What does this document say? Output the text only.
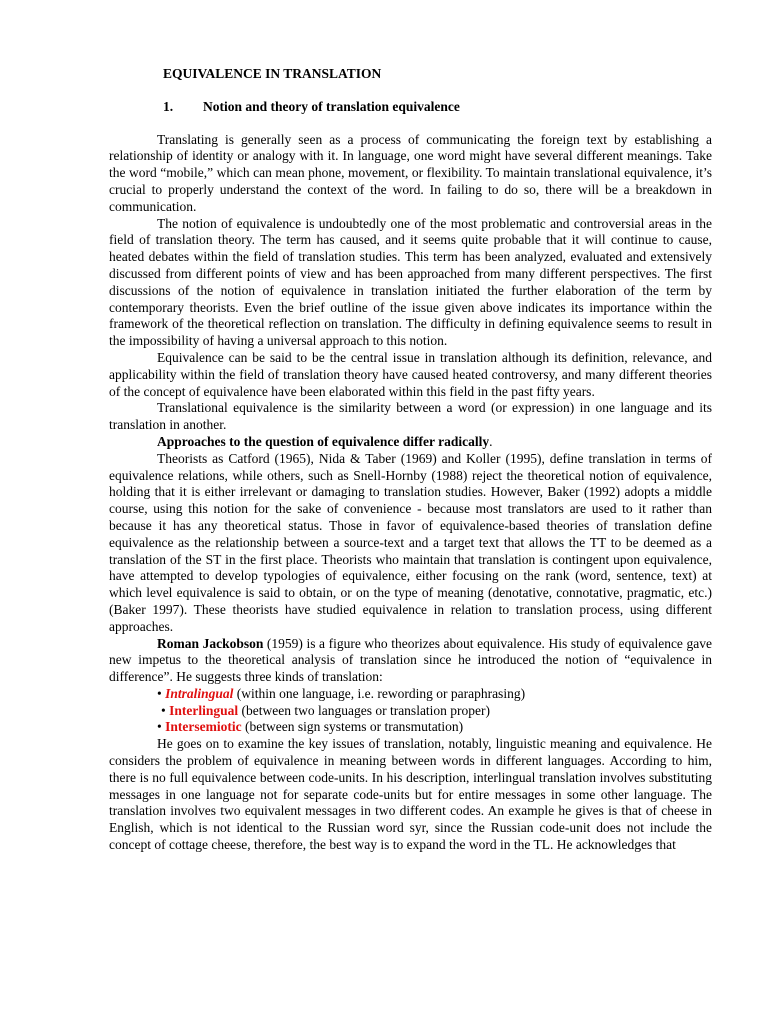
EQUIVALENCE IN TRANSLATION
1. Notion and theory of translation equivalence

Translating is generally seen as a process of communicating the foreign text by establishing a relationship of identity or analogy with it. In language, one word might have several different meanings. Take the word “mobile,” which can mean phone, movement, or flexibility. To maintain translational equivalence, it’s crucial to properly understand the context of the word. In failing to do so, there will be a breakdown in communication.

The notion of equivalence is undoubtedly one of the most problematic and controversial areas in the field of translation theory. The term has caused, and it seems quite probable that it will continue to cause, heated debates within the field of translation studies. This term has been analyzed, evaluated and extensively discussed from different points of view and has been approached from many different perspectives. The first discussions of the notion of equivalence in translation initiated the further elaboration of the term by contemporary theorists. Even the brief outline of the issue given above indicates its importance within the framework of the theoretical reflection on translation. The difficulty in defining equivalence seems to result in the impossibility of having a universal approach to this notion.

Equivalence can be said to be the central issue in translation although its definition, relevance, and applicability within the field of translation theory have caused heated controversy, and many different theories of the concept of equivalence have been elaborated within this field in the past fifty years.

Translational equivalence is the similarity between a word (or expression) in one language and its translation in another.

Approaches to the question of equivalence differ radically.

Theorists as Catford (1965), Nida & Taber (1969) and Koller (1995), define translation in terms of equivalence relations, while others, such as Snell-Hornby (1988) reject the theoretical notion of equivalence, holding that it is either irrelevant or damaging to translation studies. However, Baker (1992) adopts a middle course, using this notion for the sake of convenience - because most translators are used to it rather than because it has any theoretical status. Those in favor of equivalence-based theories of translation define equivalence as the relationship between a source-text and a target text that allows the TT to be deemed as a translation of the ST in the first place. Theorists who maintain that translation is contingent upon equivalence, have attempted to develop typologies of equivalence, either focusing on the rank (word, sentence, text) at which level equivalence is said to obtain, or on the type of meaning (denotative, connotative, pragmatic, etc.) (Baker 1997). These theorists have studied equivalence in relation to translation process, using different approaches.

Roman Jackobson (1959) is a figure who theorizes about equivalence. His study of equivalence gave new impetus to the theoretical analysis of translation since he introduced the notion of “equivalence in difference”. He suggests three kinds of translation:

• Intralingual (within one language, i.e. rewording or paraphrasing)

• Interlingual (between two languages or translation proper)

• Intersemiotic (between sign systems or transmutation)

He goes on to examine the key issues of translation, notably, linguistic meaning and equivalence. He considers the problem of equivalence in meaning between words in different languages. According to him, there is no full equivalence between code-units. In his description, interlingual translation involves substituting messages in one language not for separate code-units but for entire messages in some other language. The translation involves two equivalent messages in two different codes. An example he gives is that of cheese in English, which is not identical to the Russian word syr, since the Russian code-unit does not include the concept of cottage cheese, therefore, the best way is to expand the word in the TL. He acknowledges that
